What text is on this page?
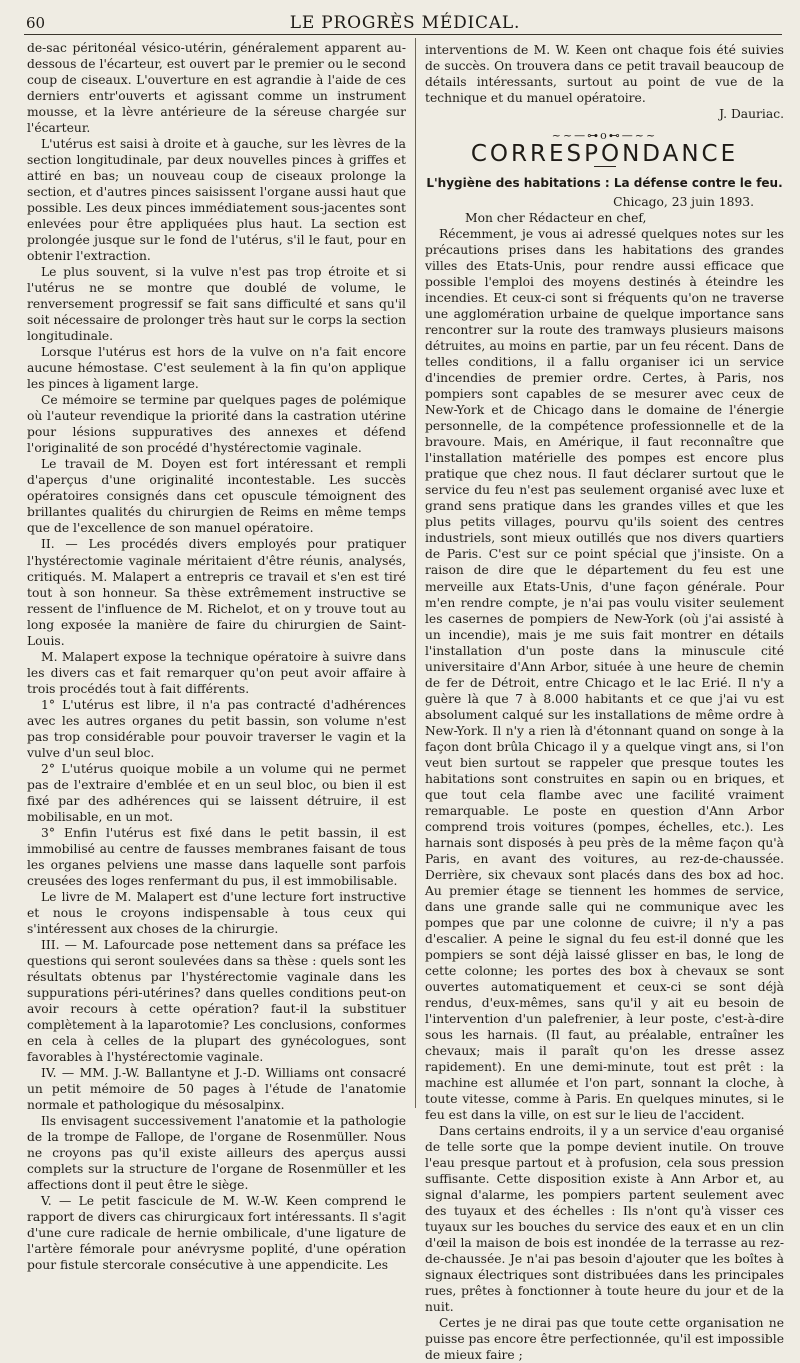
60	LE PROGRÈS MÉDICAL.

de-sac péritonéal vésico-utérin, généralement apparent au-dessous de l'écarteur, est ouvert par le premier ou le second coup de ciseaux. L'ouverture en est agrandie à l'aide de ces derniers entr'ouverts et agissant comme un instrument mousse, et la lèvre antérieure de la séreuse chargée sur l'écarteur.

L'utérus est saisi à droite et à gauche, sur les lèvres de la section longitudinale, par deux nouvelles pinces à griffes et attiré en bas; un nouveau coup de ciseaux prolonge la section, et d'autres pinces saisissent l'organe aussi haut que possible. Les deux pinces immédiatement sous-jacentes sont enlevées pour être appliquées plus haut. La section est prolongée jusque sur le fond de l'utérus, s'il le faut, pour en obtenir l'extraction.

Le plus souvent, si la vulve n'est pas trop étroite et si l'utérus ne se montre que doublé de volume, le renversement progressif se fait sans difficulté et sans qu'il soit nécessaire de prolonger très haut sur le corps la section longitudinale.

Lorsque l'utérus est hors de la vulve on n'a fait encore aucune hémostase. C'est seulement à la fin qu'on applique les pinces à ligament large.

Ce mémoire se termine par quelques pages de polémique où l'auteur revendique la priorité dans la castration utérine pour lésions suppuratives des annexes et défend l'originalité de son procédé d'hystérectomie vaginale.

Le travail de M. Doyen est fort intéressant et rempli d'aperçus d'une originalité incontestable. Les succès opératoires consignés dans cet opuscule témoignent des brillantes qualités du chirurgien de Reims en même temps que de l'excellence de son manuel opératoire.

II. — Les procédés divers employés pour pratiquer l'hystérectomie vaginale méritaient d'être réunis, analysés, critiqués. M. Malapert a entrepris ce travail et s'en est tiré tout à son honneur. Sa thèse extrêmement instructive se ressent de l'influence de M. Richelot, et on y trouve tout au long exposée la manière de faire du chirurgien de Saint-Louis.

M. Malapert expose la technique opératoire à suivre dans les divers cas et fait remarquer qu'on peut avoir affaire à trois procédés tout à fait différents.

1° L'utérus est libre, il n'a pas contracté d'adhérences avec les autres organes du petit bassin, son volume n'est pas trop considérable pour pouvoir traverser le vagin et la vulve d'un seul bloc.

2° L'utérus quoique mobile a un volume qui ne permet pas de l'extraire d'emblée et en un seul bloc, ou bien il est fixé par des adhérences qui se laissent détruire, il est mobilisable, en un mot.

3° Enfin l'utérus est fixé dans le petit bassin, il est immobilisé au centre de fausses membranes faisant de tous les organes pelviens une masse dans laquelle sont parfois creusées des loges renfermant du pus, il est immobilisable.

Le livre de M. Malapert est d'une lecture fort instructive et nous le croyons indispensable à tous ceux qui s'intéressent aux choses de la chirurgie.

III. — M. Lafourcade pose nettement dans sa préface les questions qui seront soulevées dans sa thèse : quels sont les résultats obtenus par l'hystérectomie vaginale dans les suppurations péri-utérines? dans quelles conditions peut-on avoir recours à cette opération? faut-il la substituer complètement à la laparotomie? Les conclusions, conformes en cela à celles de la plupart des gynécologues, sont favorables à l'hystérectomie vaginale.

IV. — MM. J.-W. Ballantyne et J.-D. Williams ont consacré un petit mémoire de 50 pages à l'étude de l'anatomie normale et pathologique du mésosalpinx.

Ils envisagent successivement l'anatomie et la pathologie de la trompe de Fallope, de l'organe de Rosenmüller. Nous ne croyons pas qu'il existe ailleurs des aperçus aussi complets sur la structure de l'organe de Rosenmüller et les affections dont il peut être le siège.

V. — Le petit fascicule de M. W.-W. Keen comprend le rapport de divers cas chirurgicaux fort intéressants. Il s'agit d'une cure radicale de hernie ombilicale, d'une ligature de l'artère fémorale pour anévrysme poplité, d'une opération pour fistule stercorale consécutive à une appendicite. Les

interventions de M. W. Keen ont chaque fois été suivies de succès. On trouvera dans ce petit travail beaucoup de détails intéressants, surtout au point de vue de la technique et du manuel opératoire.

J. Dauriac.

~~—⊶o⊷—~~
CORRESPONDANCE
L'hygiène des habitations : La défense contre le feu.

Chicago, 23 juin 1893.

Mon cher Rédacteur en chef,

Récemment, je vous ai adressé quelques notes sur les précautions prises dans les habitations des grandes villes des Etats-Unis, pour rendre aussi efficace que possible l'emploi des moyens destinés à éteindre les incendies. Et ceux-ci sont si fréquents qu'on ne traverse une agglomération urbaine de quelque importance sans rencontrer sur la route des tramways plusieurs maisons détruites, au moins en partie, par un feu récent. Dans de telles conditions, il a fallu organiser ici un service d'incendies de premier ordre. Certes, à Paris, nos pompiers sont capables de se mesurer avec ceux de New-York et de Chicago dans le domaine de l'énergie personnelle, de la compétence professionnelle et de la bravoure. Mais, en Amérique, il faut reconnaître que l'installation matérielle des pompes est encore plus pratique que chez nous. Il faut déclarer surtout que le service du feu n'est pas seulement organisé avec luxe et grand sens pratique dans les grandes villes et que les plus petits villages, pourvu qu'ils soient des centres industriels, sont mieux outillés que nos divers quartiers de Paris. C'est sur ce point spécial que j'insiste. On a raison de dire que le département du feu est une merveille aux Etats-Unis, d'une façon générale. Pour m'en rendre compte, je n'ai pas voulu visiter seulement les casernes de pompiers de New-York (où j'ai assisté à un incendie), mais je me suis fait montrer en détails l'installation d'un poste dans la minuscule cité universitaire d'Ann Arbor, située à une heure de chemin de fer de Détroit, entre Chicago et le lac Erié. Il n'y a guère là que 7 à 8.000 habitants et ce que j'ai vu est absolument calqué sur les installations de même ordre à New-York. Il n'y a rien là d'étonnant quand on songe à la façon dont brûla Chicago il y a quelque vingt ans, si l'on veut bien surtout se rappeler que presque toutes les habitations sont construites en sapin ou en briques, et que tout cela flambe avec une facilité vraiment remarquable. Le poste en question d'Ann Arbor comprend trois voitures (pompes, échelles, etc.). Les harnais sont disposés à peu près de la même façon qu'à Paris, en avant des voitures, au rez-de-chaussée. Derrière, six chevaux sont placés dans des box ad hoc. Au premier étage se tiennent les hommes de service, dans une grande salle qui ne communique avec les pompes que par une colonne de cuivre; il n'y a pas d'escalier. A peine le signal du feu est-il donné que les pompiers se sont déjà laissé glisser en bas, le long de cette colonne; les portes des box à chevaux se sont ouvertes automatiquement et ceux-ci se sont déjà rendus, d'eux-mêmes, sans qu'il y ait eu besoin de l'intervention d'un palefrenier, à leur poste, c'est-à-dire sous les harnais. (Il faut, au préalable, entraîner les chevaux; mais il paraît qu'on les dresse assez rapidement). En une demi-minute, tout est prêt : la machine est allumée et l'on part, sonnant la cloche, à toute vitesse, comme à Paris. En quelques minutes, si le feu est dans la ville, on est sur le lieu de l'accident.

Dans certains endroits, il y a un service d'eau organisé de telle sorte que la pompe devient inutile. On trouve l'eau presque partout et à profusion, cela sous pression suffisante. Cette disposition existe à Ann Arbor et, au signal d'alarme, les pompiers partent seulement avec des tuyaux et des échelles : Ils n'ont qu'à visser ces tuyaux sur les bouches du service des eaux et en un clin d'œil la maison de bois est inondée de la terrasse au rez-de-chaussée. Je n'ai pas besoin d'ajouter que les boîtes à signaux électriques sont distribuées dans les principales rues, prêtes à fonctionner à toute heure du jour et de la nuit.

Certes je ne dirai pas que toute cette organisation ne puisse pas encore être perfectionnée, qu'il est impossible de mieux faire ;
